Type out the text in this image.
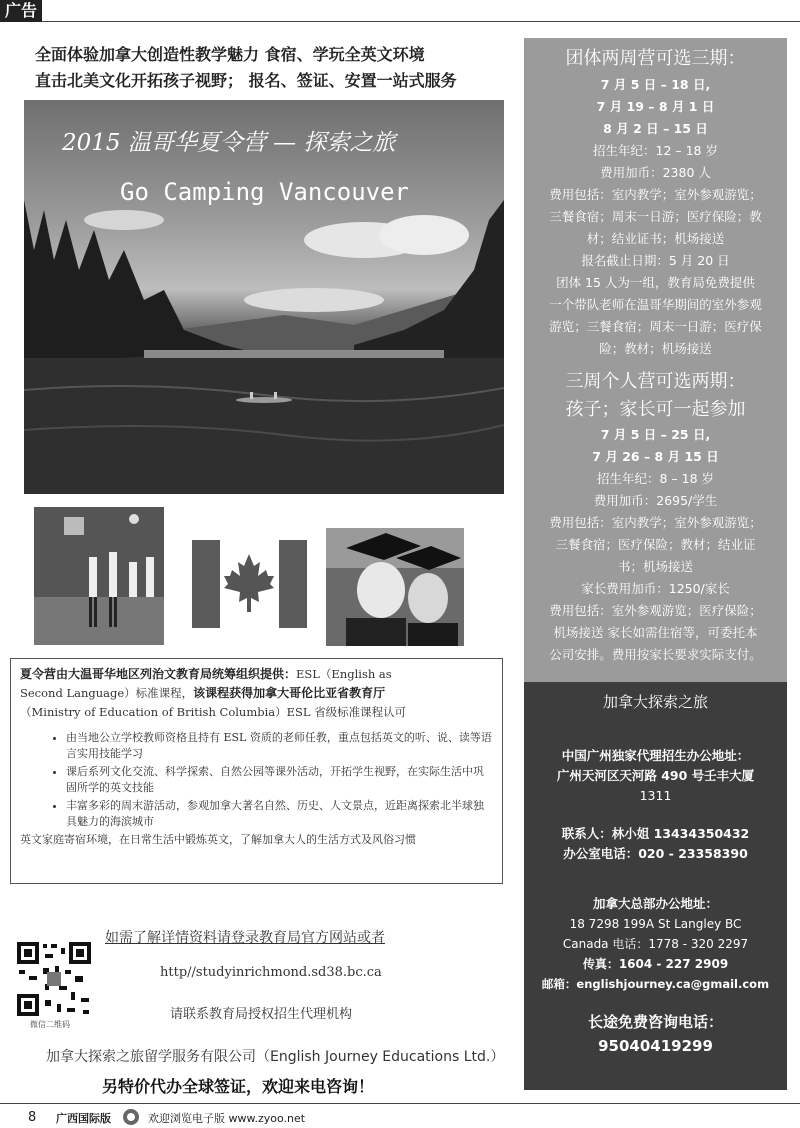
广告
全面体验加拿大创造性教学魅力 食宿、学玩全英文环境
直击北美文化开拓孩子视野； 报名、签证、安置一站式服务
2015 温哥华夏令营 — 探索之旅
Go Camping Vancouver
夏令营由大温哥华地区列治文教育局统筹组织提供：ESL（English as
Second Language）标准课程，该课程获得加拿大哥伦比亚省教育厅
（Ministry of Education of British Columbia）ESL 省级标准课程认可
• 由当地公立学校教师资格且持有 ESL 资质的老师任教，重点包括英文的听、说、读等语言实用技能学习
• 课后系列文化交流、科学探索、自然公园等课外活动，开拓学生视野，在实际生活中巩固所学的英文技能
• 丰富多彩的周末游活动，参观加拿大著名自然、历史、人文景点，近距离探索北半球独具魅力的海滨城市
英文家庭寄宿环境，在日常生活中锻炼英文，了解加拿大人的生活方式及风俗习惯
如需了解详情资料请登录教育局官方网站或者
微信二维码
http//studyinrichmond.sd38.bc.ca
请联系教育局授权招生代理机构
加拿大探索之旅留学服务有限公司（English Journey Educations Ltd.）
另特价代办全球签证，欢迎来电咨询！
团体两周营可选三期：
7 月 5 日 – 18 日,
7 月 19 – 8 月 1 日
8 月 2 日 – 15 日
招生年纪：12 – 18 岁
费用加币：2380 人
费用包括：室内教学；室外参观游览；
三餐食宿；周末一日游；医疗保险；教
材；结业证书；机场接送
报名截止日期：5 月 20 日
团体 15 人为一组，教育局免费提供
一个带队老师在温哥华期间的室外参观
游览；三餐食宿；周末一日游；医疗保
险；教材；机场接送
三周个人营可选两期：
孩子；家长可一起参加
7 月 5 日 – 25 日,
7 月 26 – 8 月 15 日
招生年纪：8 – 18 岁
费用加币：2695/学生
费用包括：室内教学；室外参观游览；
三餐食宿；医疗保险；教材；结业证
书；机场接送
家长费用加币：1250/家长
费用包括：室外参观游览；医疗保险；
机场接送 家长如需住宿等，可委托本
公司安排。费用按家长要求实际支付。
加拿大探索之旅
中国广州独家代理招生办公地址：
广州天河区天河路 490 号壬丰大厦
1311
联系人：林小姐 13434350432
办公室电话：020 - 23358390
加拿大总部办公地址：
18 7298 199A St Langley BC
Canada 电话：1778 - 320 2297
传真：1604 - 227 2909
邮箱：englishjourney.ca@gmail.com
长途免费咨询电话：
95040419299
8 广西国际版	欢迎浏览电子版 www.zyoo.net
